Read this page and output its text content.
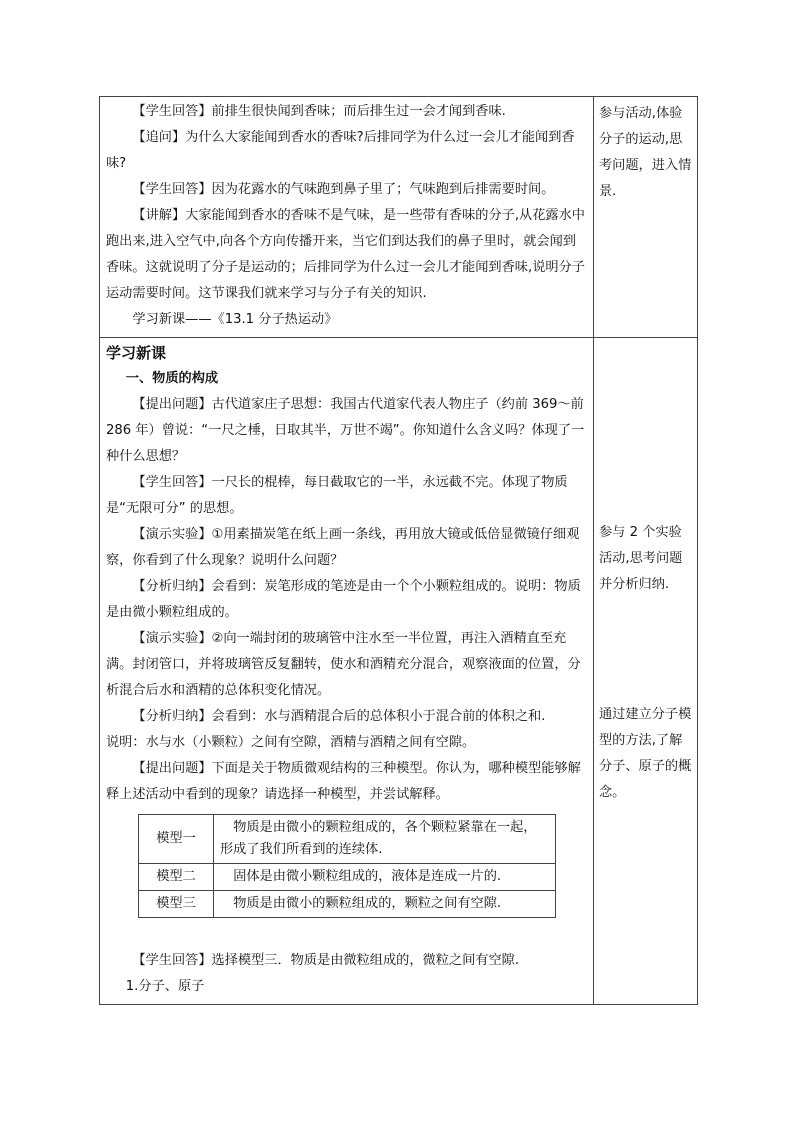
【学生回答】前排生很快闻到香味；而后排生过一会才闻到香味.

【追问】为什么大家能闻到香水的香味?后排同学为什么过一会儿才能闻到香味?

【学生回答】因为花露水的气味跑到鼻子里了；气味跑到后排需要时间。

【讲解】大家能闻到香水的香味不是气味，是一些带有香味的分子,从花露水中跑出来,进入空气中,向各个方向传播开来，当它们到达我们的鼻子里时，就会闻到香味。这就说明了分子是运动的；后排同学为什么过一会儿才能闻到香味,说明分子运动需要时间。这节课我们就来学习与分子有关的知识.

学习新课——《13.1 分子热运动》

参与活动,体验分子的运动,思考问题，进入情景.

学习新课

一、物质的构成

【提出问题】古代道家庄子思想：我国古代道家代表人物庄子（约前 369～前 286 年）曾说：“一尺之棰，日取其半，万世不竭”。你知道什么含义吗？体现了一种什么思想？

【学生回答】一尺长的棍棒，每日截取它的一半，永远截不完。体现了物质是“无限可分” 的思想。

【演示实验】①用素描炭笔在纸上画一条线，再用放大镜或低倍显微镜仔细观察，你看到了什么现象？说明什么问题？

【分析归纳】会看到：炭笔形成的笔迹是由一个个小颗粒组成的。说明：物质是由微小颗粒组成的。

【演示实验】②向一端封闭的玻璃管中注水至一半位置，再注入酒精直至充满。封闭管口，并将玻璃管反复翻转，使水和酒精充分混合，观察液面的位置，分析混合后水和酒精的总体积变化情况。

【分析归纳】会看到：水与酒精混合后的总体积小于混合前的体积之和.

说明：水与水（小颗粒）之间有空隙，酒精与酒精之间有空隙。

【提出问题】下面是关于物质微观结构的三种模型。你认为，哪种模型能够解释上述活动中看到的现象？请选择一种模型，并尝试解释。

模型一	物质是由微小的颗粒组成的，各个颗粒紧靠在一起，形成了我们所看到的连续体.
模型二	固体是由微小颗粒组成的，液体是连成一片的.
模型三	物质是由微小的颗粒组成的，颗粒之间有空隙.

【学生回答】选择模型三．物质是由微粒组成的，微粒之间有空隙.

1.分子、原子

参与 2 个实验活动,思考问题并分析归纳.

通过建立分子模型的方法,了解分子、原子的概念。
